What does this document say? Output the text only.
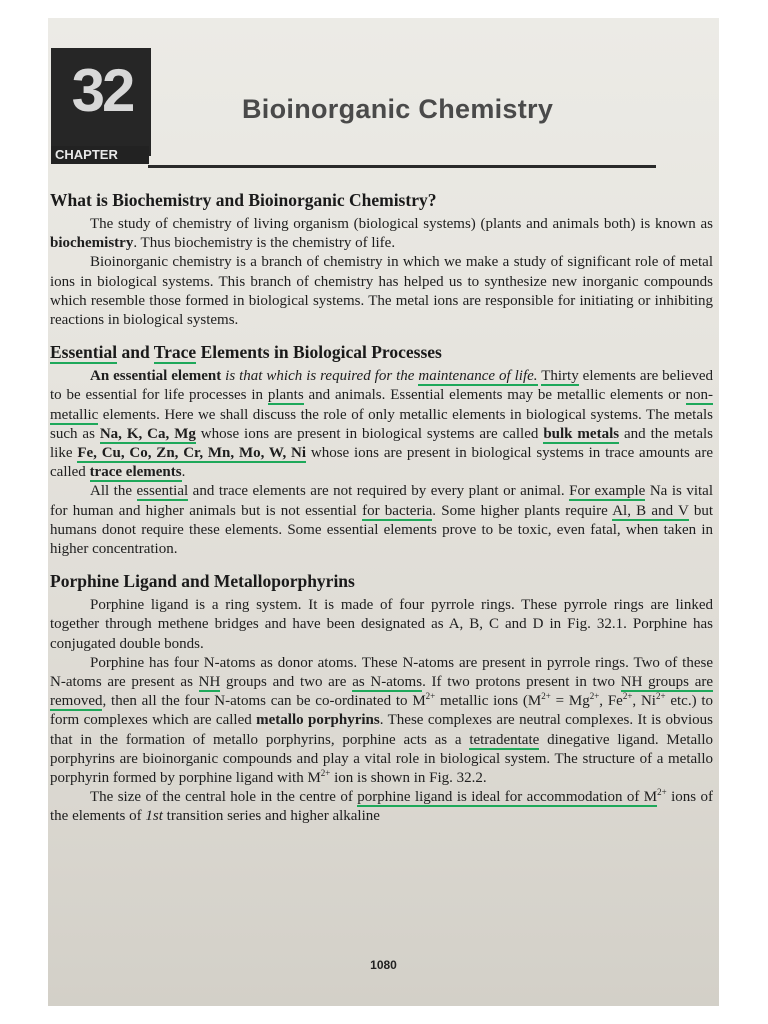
32
CHAPTER
Bioinorganic Chemistry
What is Biochemistry and Bioinorganic Chemistry?

The study of chemistry of living organism (biological systems) (plants and animals both) is known as biochemistry. Thus biochemistry is the chemistry of life.

Bioinorganic chemistry is a branch of chemistry in which we make a study of significant role of metal ions in biological systems. This branch of chemistry has helped us to synthesize new inorganic compounds which resemble those formed in biological systems. The metal ions are responsible for initiating or inhibiting reactions in biological systems.

Essential and Trace Elements in Biological Processes

An essential element is that which is required for the maintenance of life. Thirty elements are believed to be essential for life processes in plants and animals. Essential elements may be metallic elements or non-metallic elements. Here we shall discuss the role of only metallic elements in biological systems. The metals such as Na, K, Ca, Mg whose ions are present in biological systems are called bulk metals and the metals like Fe, Cu, Co, Zn, Cr, Mn, Mo, W, Ni whose ions are present in biological systems in trace amounts are called trace elements.

All the essential and trace elements are not required by every plant or animal. For example Na is vital for human and higher animals but is not essential for bacteria. Some higher plants require Al, B and V but humans donot require these elements. Some essential elements prove to be toxic, even fatal, when taken in higher concentration.

Porphine Ligand and Metalloporphyrins

Porphine ligand is a ring system. It is made of four pyrrole rings. These pyrrole rings are linked together through methene bridges and have been designated as A, B, C and D in Fig. 32.1. Porphine has conjugated double bonds.

Porphine has four N-atoms as donor atoms. These N-atoms are present in pyrrole rings. Two of these N-atoms are present as NH groups and two are as N-atoms. If two protons present in two NH groups are removed, then all the four N-atoms can be co-ordinated to $M^{2+}$ metallic ions ($M^{2+} = Mg^{2+}$, $Fe^{2+}$, $Ni^{2+}$ etc.) to form complexes which are called metallo porphyrins. These complexes are neutral complexes. It is obvious that in the formation of metallo porphyrins, porphine acts as a tetradentate dinegative ligand. Metallo porphyrins are bioinorganic compounds and play a vital role in biological system. The structure of a metallo porphyrin formed by porphine ligand with $M^{2+}$ ion is shown in Fig. 32.2.

The size of the central hole in the centre of porphine ligand is ideal for accommodation of $M^{2+}$ ions of the elements of 1st transition series and higher alkaline

1080
